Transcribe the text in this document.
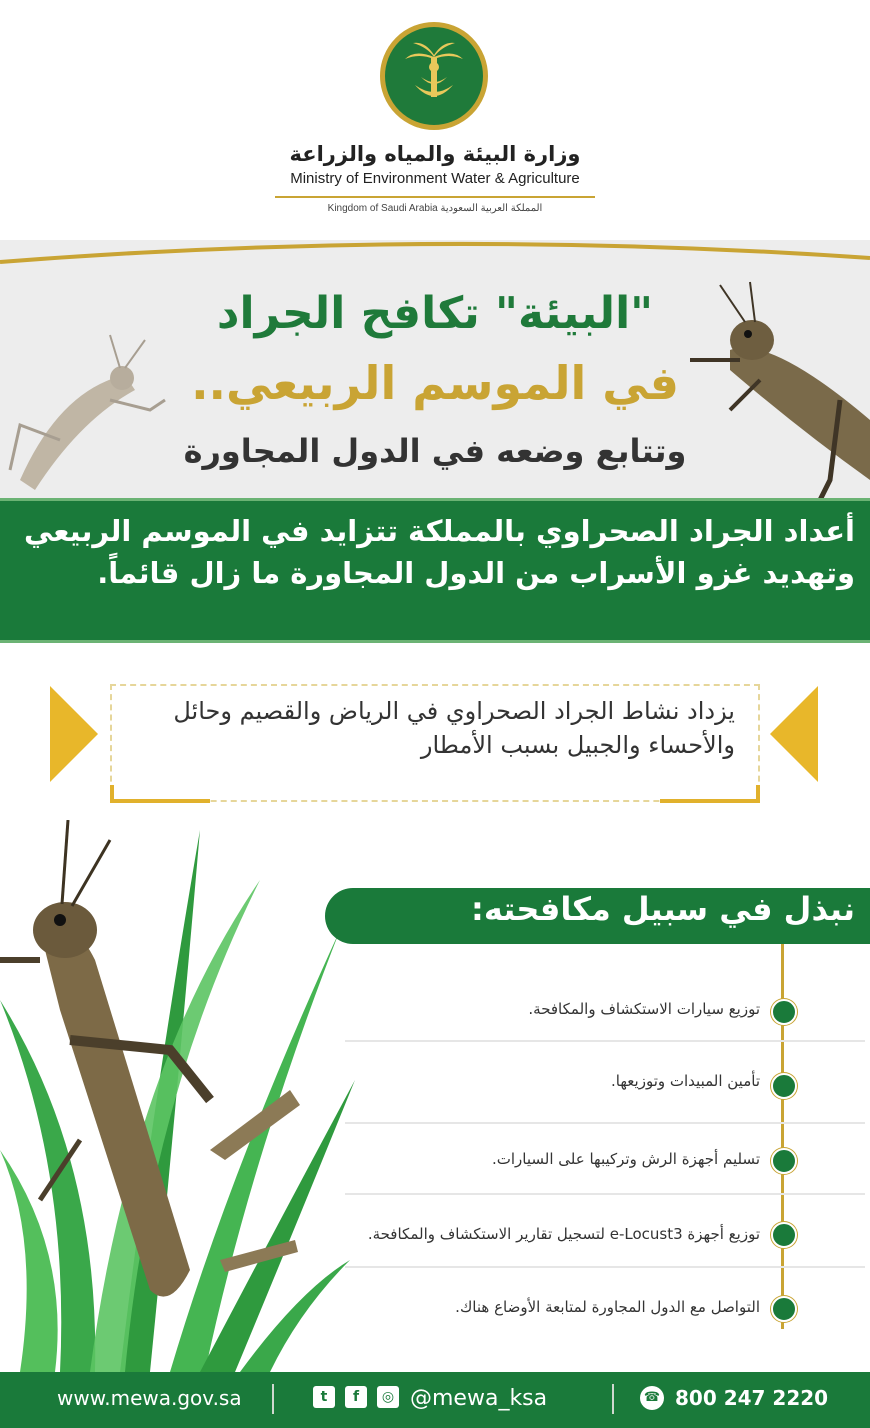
وزارة البيئة والمياه والزراعة
Ministry of Environment Water & Agriculture
Kingdom of Saudi Arabia المملكة العربية السعودية
"البيئة" تكافح الجراد
في الموسم الربيعي..
وتتابع وضعه في الدول المجاورة
أعداد الجراد الصحراوي بالمملكة تتزايد في الموسم الربيعي وتهديد غزو الأسراب من الدول المجاورة ما زال قائماً.
يزداد نشاط الجراد الصحراوي في الرياض والقصيم وحائل والأحساء والجبيل بسبب الأمطار
نبذل في سبيل مكافحته:
توزيع سيارات الاستكشاف والمكافحة.
تأمين المبيدات وتوزيعها.
تسليم أجهزة الرش وتركيبها على السيارات.
توزيع أجهزة e-Locust3 لتسجيل تقارير الاستكشاف والمكافحة.
التواصل مع الدول المجاورة لمتابعة الأوضاع هناك.
www.mewa.gov.sa	t	f	◎ @mewa_ksa	☎ 800 247 2220
